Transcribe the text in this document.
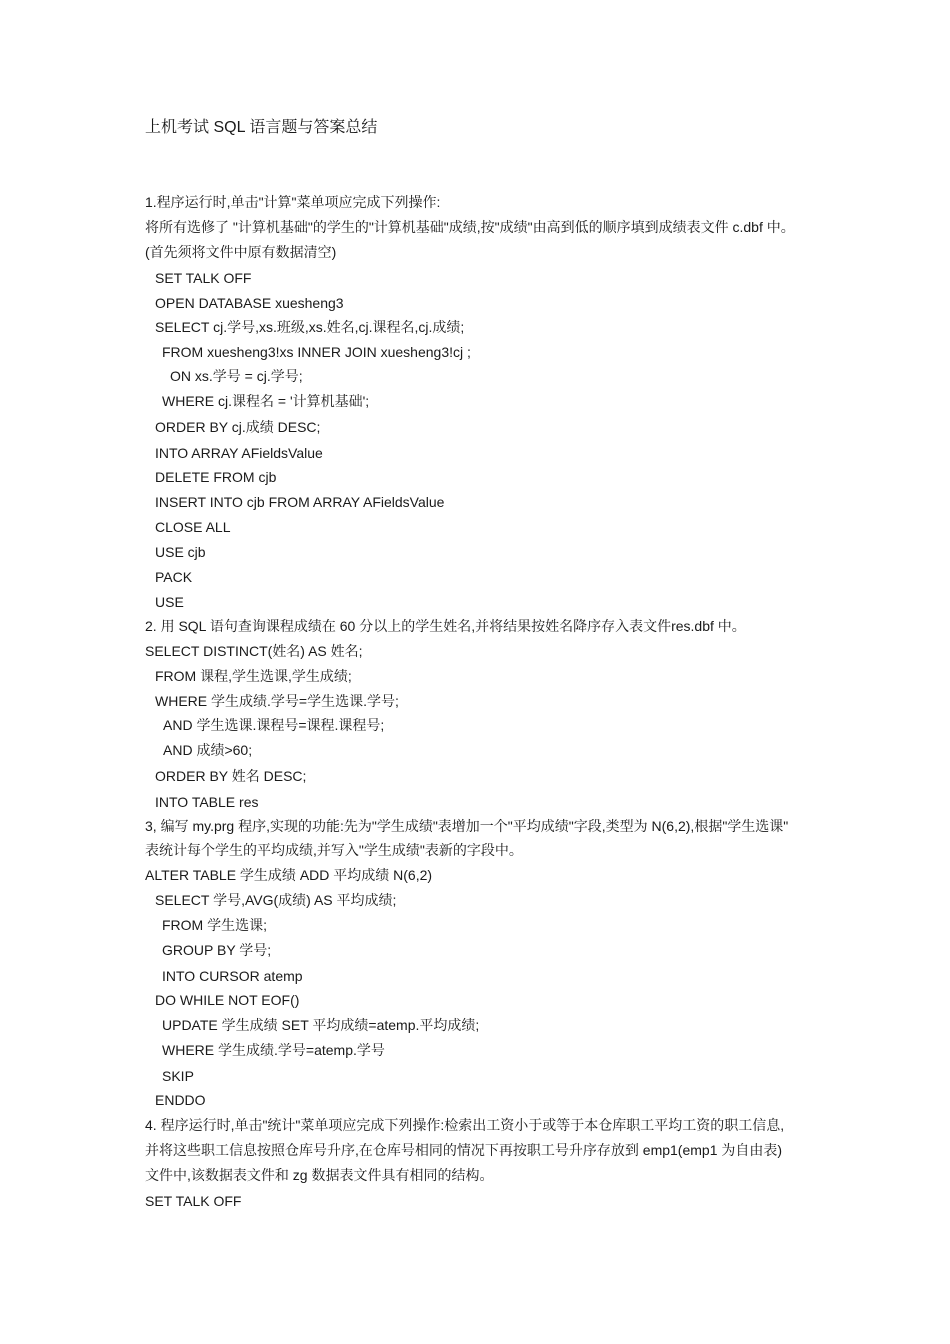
上机考试 SQL 语言题与答案总结
1.程序运行时,单击"计算"菜单项应完成下列操作:
将所有选修了 "计算机基础"的学生的"计算机基础"成绩,按"成绩"由高到低的顺序填到成绩表文件 c.dbf 中。
(首先须将文件中原有数据清空)
SET TALK OFF
OPEN DATABASE xuesheng3
SELECT cj.学号,xs.班级,xs.姓名,cj.课程名,cj.成绩;
FROM xuesheng3!xs INNER JOIN xuesheng3!cj ;
ON xs.学号 = cj.学号;
WHERE cj.课程名 = '计算机基础';
ORDER BY cj.成绩 DESC;
INTO ARRAY AFieldsValue
DELETE FROM cjb
INSERT INTO cjb FROM ARRAY AFieldsValue
CLOSE ALL
USE cjb
PACK
USE
2. 用 SQL 语句查询课程成绩在 60 分以上的学生姓名,并将结果按姓名降序存入表文件res.dbf 中。
SELECT DISTINCT(姓名) AS 姓名;
FROM 课程,学生选课,学生成绩;
WHERE 学生成绩.学号=学生选课.学号;
AND 学生选课.课程号=课程.课程号;
AND 成绩>60;
ORDER BY 姓名 DESC;
INTO TABLE res
3, 编写 my.prg 程序,实现的功能:先为"学生成绩"表增加一个"平均成绩"字段,类型为 N(6,2),根据"学生选课"
表统计每个学生的平均成绩,并写入"学生成绩"表新的字段中。
ALTER TABLE 学生成绩 ADD 平均成绩 N(6,2)
SELECT 学号,AVG(成绩) AS 平均成绩;
FROM 学生选课;
GROUP BY 学号;
INTO CURSOR atemp
DO WHILE NOT EOF()
UPDATE 学生成绩 SET 平均成绩=atemp.平均成绩;
WHERE 学生成绩.学号=atemp.学号
SKIP
ENDDO
4. 程序运行时,单击"统计"菜单项应完成下列操作:检索出工资小于或等于本仓库职工平均工资的职工信息,
并将这些职工信息按照仓库号升序,在仓库号相同的情况下再按职工号升序存放到 emp1(emp1 为自由表)
文件中,该数据表文件和 zg 数据表文件具有相同的结构。
SET TALK OFF
